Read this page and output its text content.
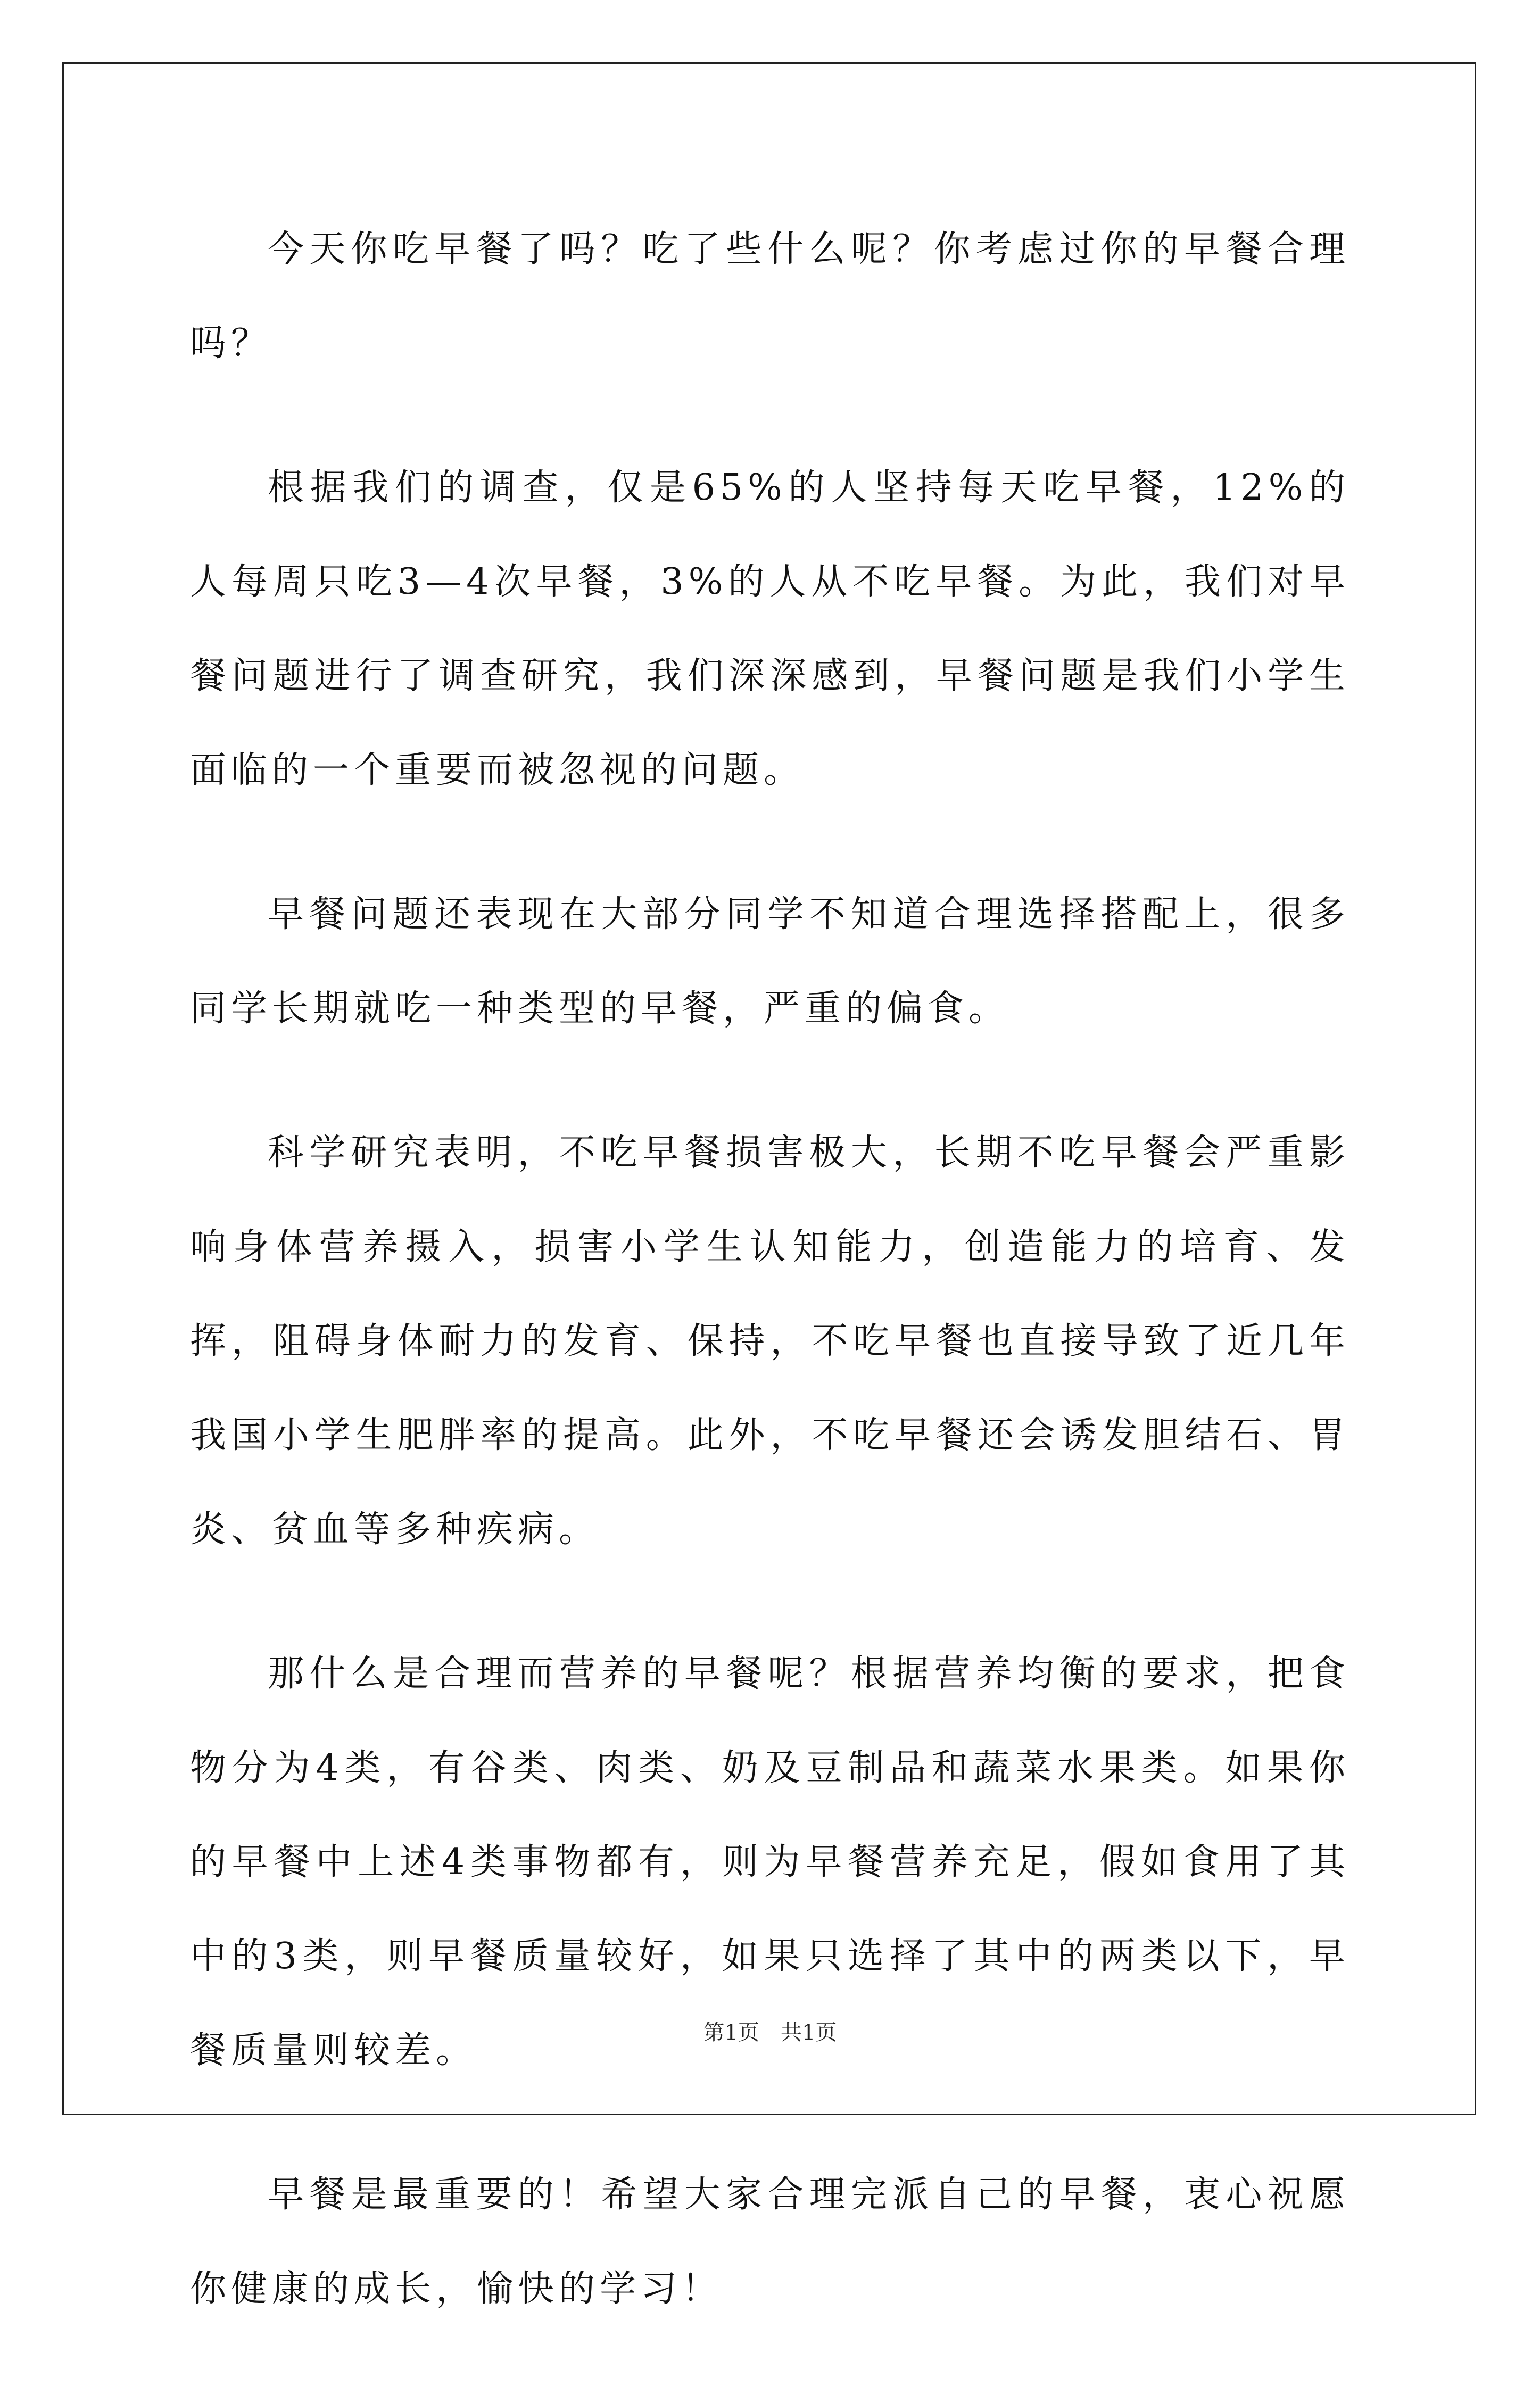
今天你吃早餐了吗？吃了些什么呢？你考虑过你的早餐合理吗？

根据我们的调查，仅是65%的人坚持每天吃早餐，12%的人每周只吃3—4次早餐，3%的人从不吃早餐。为此，我们对早餐问题进行了调查研究，我们深深感到，早餐问题是我们小学生面临的一个重要而被忽视的问题。

早餐问题还表现在大部分同学不知道合理选择搭配上，很多同学长期就吃一种类型的早餐，严重的偏食。

科学研究表明，不吃早餐损害极大，长期不吃早餐会严重影响身体营养摄入，损害小学生认知能力，创造能力的培育、发挥，阻碍身体耐力的发育、保持，不吃早餐也直接导致了近几年我国小学生肥胖率的提高。此外，不吃早餐还会诱发胆结石、胃炎、贫血等多种疾病。

那什么是合理而营养的早餐呢？根据营养均衡的要求，把食物分为4类，有谷类、肉类、奶及豆制品和蔬菜水果类。如果你的早餐中上述4类事物都有，则为早餐营养充足，假如食用了其中的3类，则早餐质量较好，如果只选择了其中的两类以下，早餐质量则较差。

早餐是最重要的！希望大家合理完派自己的早餐，衷心祝愿你健康的成长，愉快的学习！

第1页　共1页
